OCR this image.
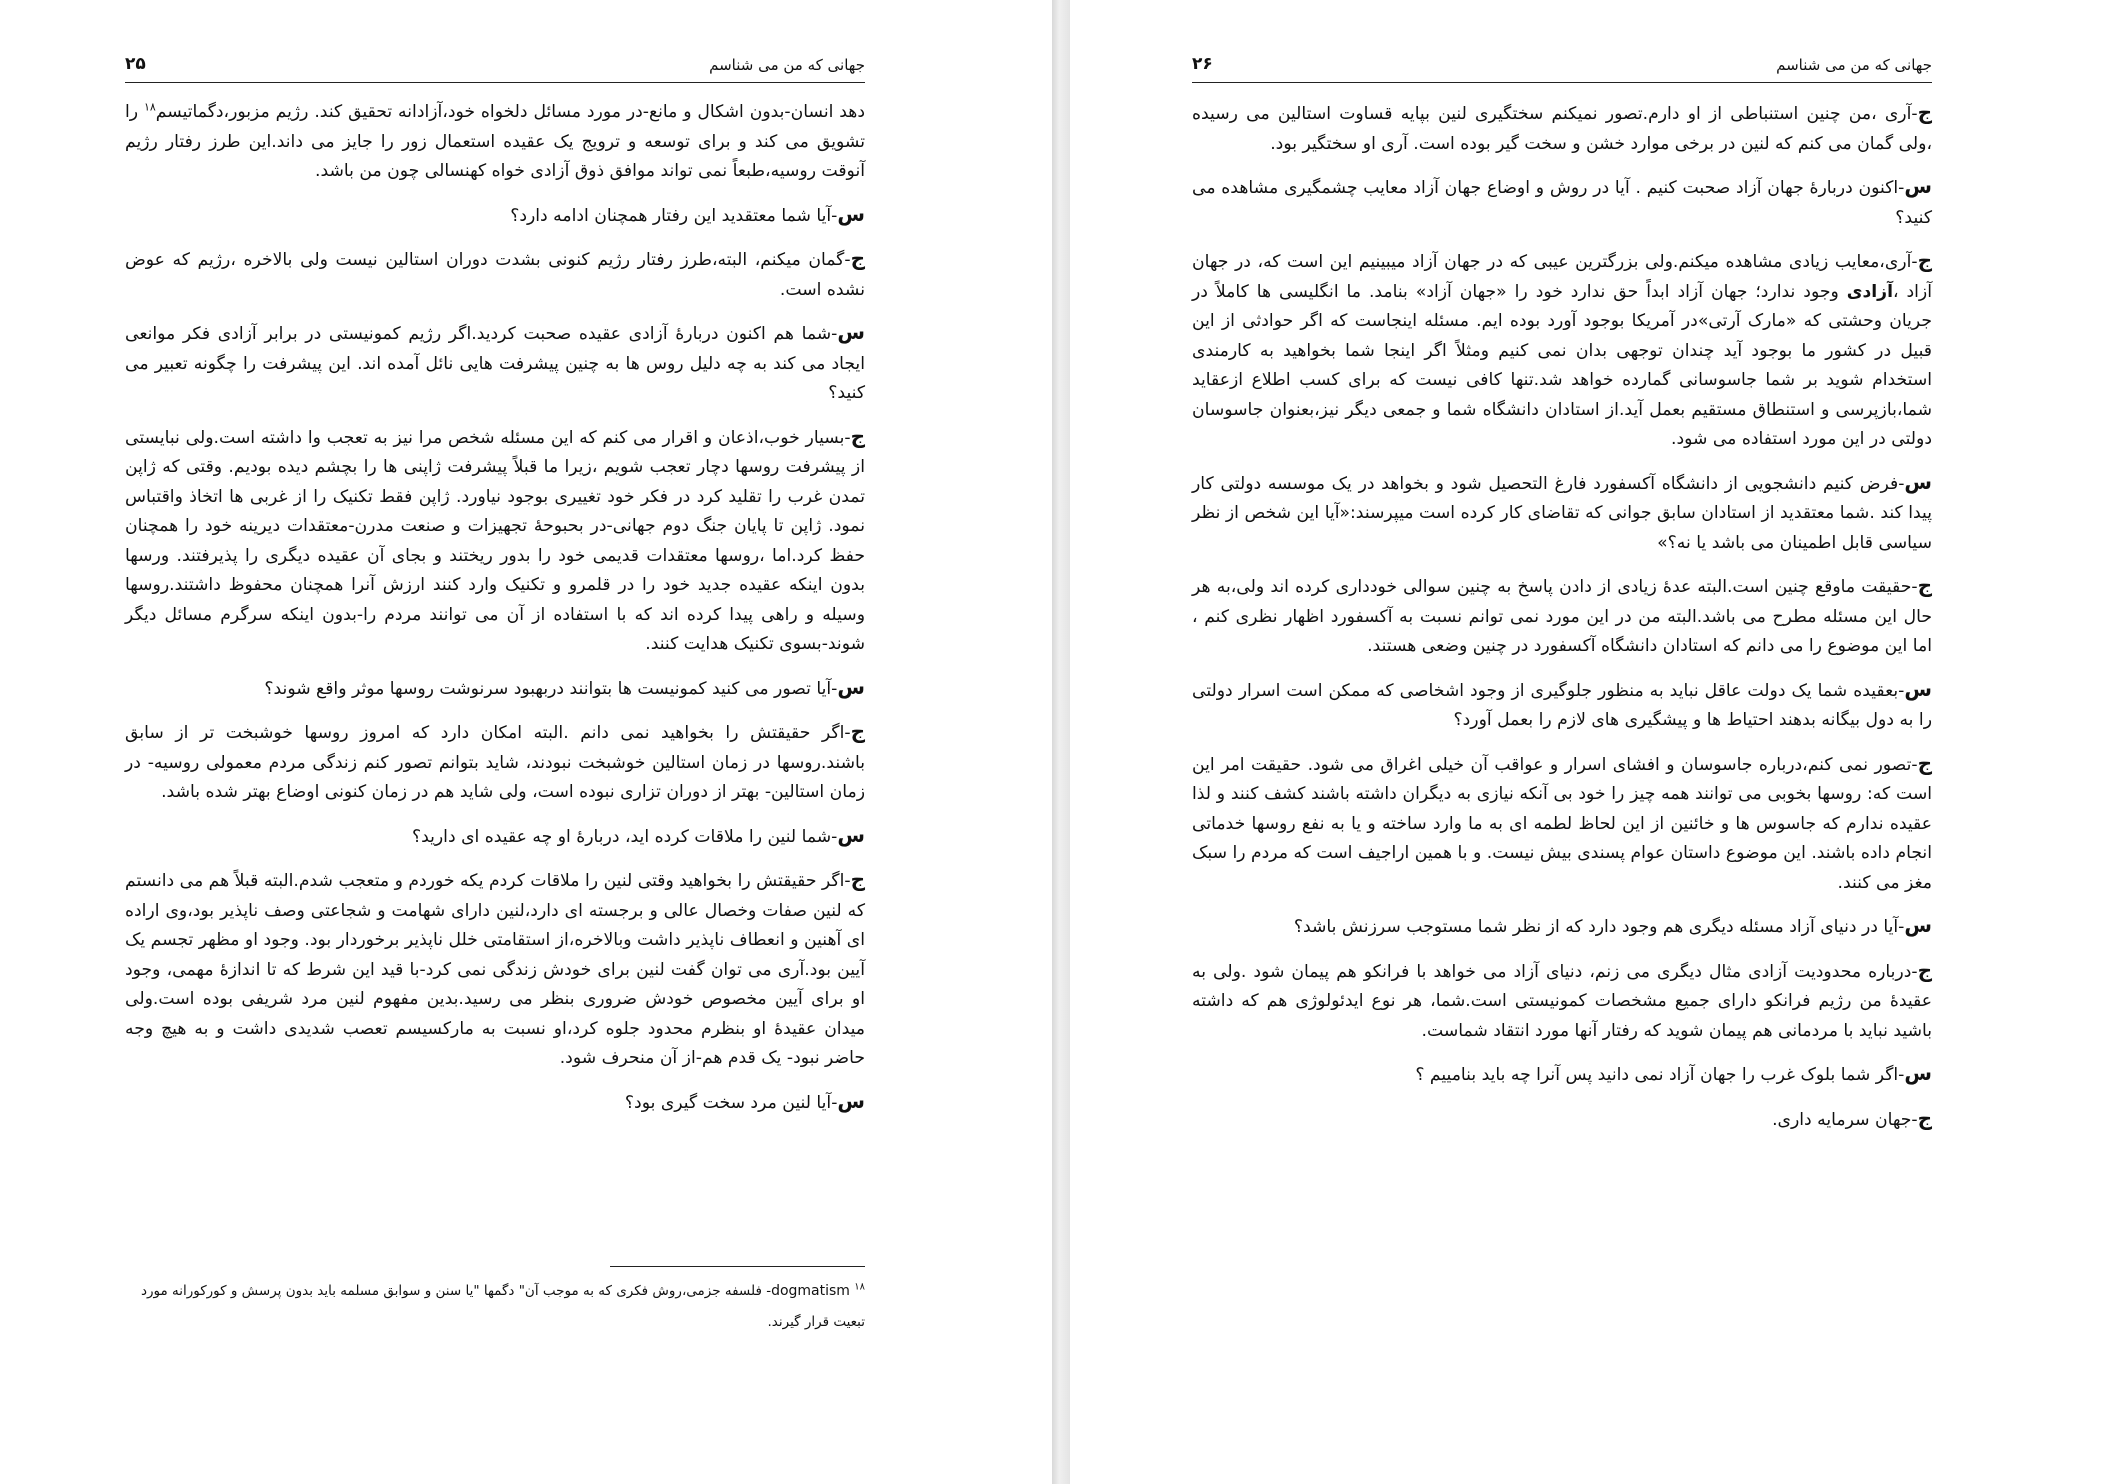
جهانی که من می شناسم
۲۵

دهد انسان-بدون اشکال و مانع-در مورد مسائل دلخواه خود،آزادانه تحقیق کند. رژیم مزبور،دگماتیسم$^{۱۸}$ را تشویق می کند و برای توسعه و ترویج یک عقیده استعمال زور را جایز می داند.این طرز رفتار رژیم آنوقت روسیه،طبعاً نمی تواند موافق ذوق آزادی خواه کهنسالی چون من باشد.

س-آیا شما معتقدید این رفتار همچنان ادامه دارد؟

ج-گمان میکنم، البته،طرز رفتار رژیم کنونی بشدت دوران استالین نیست ولی بالاخره ،رژیم که عوض نشده است.

س-شما هم اکنون دربارهٔ آزادی عقیده صحبت کردید.اگر رژیم کمونیستی در برابر آزادی فکر موانعی ایجاد می کند به چه دلیل روس ها به چنین پیشرفت هایی نائل آمده اند. این پیشرفت را چگونه تعبیر می کنید؟

ج-بسیار خوب،اذعان و اقرار می کنم که این مسئله شخص مرا نیز به تعجب وا داشته است.ولی نبایستی از پیشرفت روسها دچار تعجب شویم ،زیرا ما قبلاً پیشرفت ژاپنی ها را بچشم دیده بودیم. وقتی که ژاپن تمدن غرب را تقلید کرد در فکر خود تغییری بوجود نیاورد. ژاپن فقط تکنیک را از غربی ها اتخاذ واقتباس نمود. ژاپن تا پایان جنگ دوم جهانی-در بحبوحهٔ تجهیزات و صنعت مدرن-معتقدات دیرینه خود را همچنان حفظ کرد.اما ،روسها معتقدات قدیمی خود را بدور ریختند و بجای آن عقیده دیگری را پذیرفتند. ورسها بدون اینکه عقیده جدید خود را در قلمرو و تکنیک وارد کنند ارزش آنرا همچنان محفوظ داشتند.روسها وسیله و راهی پیدا کرده اند که با استفاده از آن می توانند مردم را-بدون اینکه سرگرم مسائل دیگر شوند-بسوی تکنیک هدایت کنند.

س-آیا تصور می کنید کمونیست ها بتوانند دربهبود سرنوشت روسها موثر واقع شوند؟

ج-اگر حقیقتش را بخواهید نمی دانم .البته امکان دارد که امروز روسها خوشبخت تر از سابق باشند.روسها در زمان استالین خوشبخت نبودند، شاید بتوانم تصور کنم زندگی مردم معمولی روسیه- در زمان استالین- بهتر از دوران تزاری نبوده است، ولی شاید هم در زمان کنونی اوضاع بهتر شده باشد.

س-شما لنین را ملاقات کرده اید، دربارهٔ او چه عقیده ای دارید؟

ج-اگر حقیقتش را بخواهید وقتی لنین را ملاقات کردم یکه خوردم و متعجب شدم.البته قبلاً هم می دانستم که لنین صفات وخصال عالی و برجسته ای دارد،لنین دارای شهامت و شجاعتی وصف ناپذیر بود،وی اراده ای آهنین و انعطاف ناپذیر داشت وبالاخره،از استقامتی خلل ناپذیر برخوردار بود. وجود او مظهر تجسم یک آیین بود.آری می توان گفت لنین برای خودش زندگی نمی کرد-با قید این شرط که تا اندازهٔ مهمی، وجود او برای آیین مخصوص خودش ضروری بنظر می رسید.بدین مفهوم لنین مرد شریفی بوده است.ولی میدان عقیدهٔ او بنظرم محدود جلوه کرد،او نسبت به مارکسیسم تعصب شدیدی داشت و به هیچ وجه حاضر نبود- یک قدم هم-از آن منحرف شود.

س-آیا لنین مرد سخت گیری بود؟

$^{۱۸}$ dogmatism- فلسفه جزمی،روش فکری که به موجب آن" دگمها "یا سنن و سوابق مسلمه باید بدون پرسش و کورکورانه مورد تبعیت قرار گیرند.
جهانی که من می شناسم
۲۶

ج-آری ،من چنین استنباطی از او دارم.تصور نمیکنم سختگیری لنین بپایه قساوت استالین می رسیده ،ولی گمان می کنم که لنین در برخی موارد خشن و سخت گیر بوده است. آری او سختگیر بود.

س-اکنون دربارهٔ جهان آزاد صحبت کنیم . آیا در روش و اوضاع جهان آزاد معایب چشمگیری مشاهده می کنید؟

ج-آری،معایب زیادی مشاهده میکنم.ولی بزرگترین عیبی که در جهان آزاد میبینیم این است که، در جهان آزاد ،آزادی وجود ندارد؛ جهان آزاد ابداً حق ندارد خود را «جهان آزاد» بنامد. ما انگلیسی ها کاملاً در جریان وحشتی که «مارک آرتی»در آمریکا بوجود آورد بوده ایم. مسئله اینجاست که اگر حوادثی از این قبیل در کشور ما بوجود آید چندان توجهی بدان نمی کنیم ومثلاً اگر اینجا شما بخواهید به کارمندی استخدام شوید بر شما جاسوسانی گمارده خواهد شد.تنها کافی نیست که برای کسب اطلاع ازعقاید شما،بازپرسی و استنطاق مستقیم بعمل آید.از استادان دانشگاه شما و جمعی دیگر نیز،بعنوان جاسوسان دولتی در این مورد استفاده می شود.

س-فرض کنیم دانشجویی از دانشگاه آکسفورد فارغ التحصیل شود و بخواهد در یک موسسه دولتی کار پیدا کند .شما معتقدید از استادان سابق جوانی که تقاضای کار کرده است میپرسند:«آیا این شخص از نظر سیاسی قابل اطمینان می باشد یا نه؟»

ج-حقیقت ماوقع چنین است.البته عدهٔ زیادی از دادن پاسخ به چنین سوالی خودداری کرده اند ولی،به هر حال این مسئله مطرح می باشد.البته من در این مورد نمی توانم نسبت به آکسفورد اظهار نظری کنم ، اما این موضوع را می دانم که استادان دانشگاه آکسفورد در چنین وضعی هستند.

س-بعقیده شما یک دولت عاقل نباید به منظور جلوگیری از وجود اشخاصی که ممکن است اسرار دولتی را به دول بیگانه بدهند احتیاط ها و پیشگیری های لازم را بعمل آورد؟

ج-تصور نمی کنم،درباره جاسوسان و افشای اسرار و عواقب آن خیلی اغراق می شود. حقیقت امر این است که: روسها بخوبی می توانند همه چیز را خود بی آنکه نیازی به دیگران داشته باشند کشف کنند و لذا عقیده ندارم که جاسوس ها و خائنین از این لحاظ لطمه ای به ما وارد ساخته و یا به نفع روسها خدماتی انجام داده باشند. این موضوع داستان عوام پسندی بیش نیست. و با همین اراجیف است که مردم را سبک مغز می کنند.

س-آیا در دنیای آزاد مسئله دیگری هم وجود دارد که از نظر شما مستوجب سرزنش باشد؟

ج-درباره محدودیت آزادی مثال دیگری می زنم، دنیای آزاد می خواهد با فرانکو هم پیمان شود .ولی به عقیدهٔ من رژیم فرانکو دارای جمیع مشخصات کمونیستی است.شما، هر نوع ایدئولوژی هم که داشته باشید نباید با مردمانی هم پیمان شوید که رفتار آنها مورد انتقاد شماست.

س-اگر شما بلوک غرب را جهان آزاد نمی دانید پس آنرا چه باید بنامییم ؟

ج-جهان سرمایه داری.
